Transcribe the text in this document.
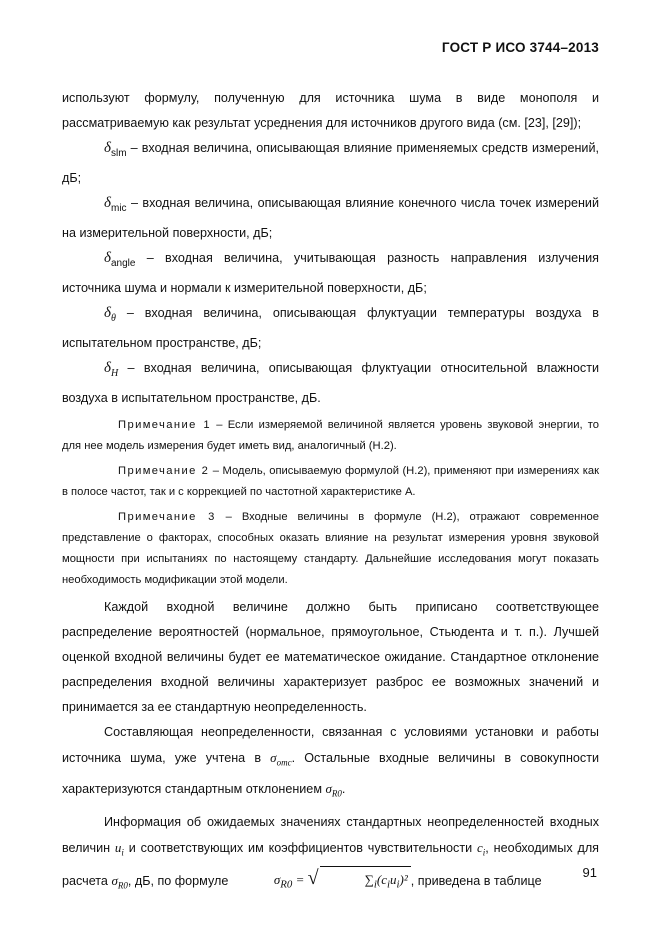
ГОСТ Р ИСО 3744–2013

используют формулу, полученную для источника шума в виде монополя и рассматриваемую как результат усреднения для источников другого вида (см. [23], [29]);

$\delta_{slm}$ – входная величина, описывающая влияние применяемых средств измерений, дБ;

$\delta_{mic}$ – входная величина, описывающая влияние конечного числа точек измерений на измерительной поверхности, дБ;

$\delta_{angle}$ – входная величина, учитывающая разность направления излучения источника шума и нормали к измерительной поверхности, дБ;

$\delta_\theta$ – входная величина, описывающая флуктуации температуры воздуха в испытательном пространстве, дБ;

$\delta_H$ – входная величина, описывающая флуктуации относительной влажности воздуха в испытательном пространстве, дБ.

Примечание 1 – Если измеряемой величиной является уровень звуковой энергии, то для нее модель измерения будет иметь вид, аналогичный (H.2).

Примечание 2 – Модель, описываемую формулой (H.2), применяют при измерениях как в полосе частот, так и с коррекцией по частотной характеристике A.

Примечание 3 – Входные величины в формуле (H.2), отражают современное представление о факторах, способных оказать влияние на результат измерения уровня звуковой мощности при испытаниях по настоящему стандарту. Дальнейшие исследования могут показать необходимость модификации этой модели.

Каждой входной величине должно быть приписано соответствующее распределение вероятностей (нормальное, прямоугольное, Стьюдента и т. п.). Лучшей оценкой входной величины будет ее математическое ожидание. Стандартное отклонение распределения входной величины характеризует разброс ее возможных значений и принимается за ее стандартную неопределенность.

Составляющая неопределенности, связанная с условиями установки и работы источника шума, уже учтена в $\sigma_{omc}$. Остальные входные величины в совокупности характеризуются стандартным отклонением $\sigma_{R0}$.

Информация об ожидаемых значениях стандартных неопределенностей входных величин $u_i$ и соответствующих им коэффициентов чувствительности $c_i$, необходимых для расчета $\sigma_{R0}$, дБ, по формуле	$\sigma_{R0}$ = √	$\sum_i(c_iu_i)^2$ , приведена в таблице

91
